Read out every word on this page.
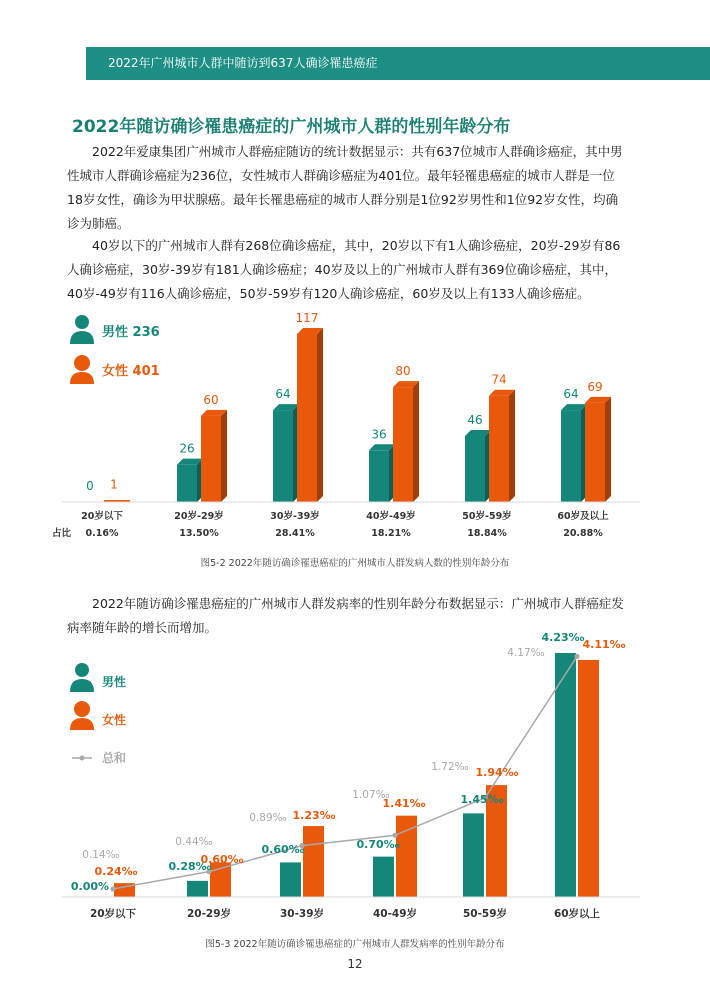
2022年广州城市人群中随访到637人确诊罹患癌症
2022年随访确诊罹患癌症的广州城市人群的性别年龄分布

2022年爱康集团广州城市人群癌症随访的统计数据显示：共有637位城市人群确诊癌症，其中男性城市人群确诊癌症为236位，女性城市人群确诊癌症为401位。最年轻罹患癌症的城市人群是一位18岁女性，确诊为甲状腺癌。最年长罹患癌症的城市人群分别是1位92岁男性和1位92岁女性，均确诊为肺癌。

40岁以下的广州城市人群有268位确诊癌症，其中，20岁以下有1人确诊癌症，20岁-29岁有86人确诊癌症，30岁-39岁有181人确诊癌症；40岁及以上的广州城市人群有369位确诊癌症，其中，40岁-49岁有116人确诊癌症，50岁-59岁有120人确诊癌症，60岁及以上有133人确诊癌症。

男性 236
女性 401
0 1
20岁以下
0.16%
26
60
20岁-29岁
13.50%
64
117
30岁-39岁
28.41%
36
80
40岁-49岁
18.21%
46
74
50岁-59岁
18.84%
64
69
60岁及以上
20.88%
占比
图5-2 2022年随访确诊罹患癌症的广州城市人群发病人数的性别年龄分布

2022年随访确诊罹患癌症的广州城市人群发病率的性别年龄分布数据显示：广州城市人群癌症发病率随年龄的增长而增加。

男性
女性
总和
20岁以下	20-29岁	30-39岁	40-49岁	50-59岁	60岁以上
0.00%
0.28‰
0.60‰	0.70‰
1.45‰
4.23‰
0.24‰
0.60‰
1.23‰
1.41‰
1.94‰
4.11‰
0.14‰
0.44‰
0.89‰
1.07‰
1.72‰
4.17‰
图5-3 2022年随访确诊罹患癌症的广州城市人群发病率的性别年龄分布
12
